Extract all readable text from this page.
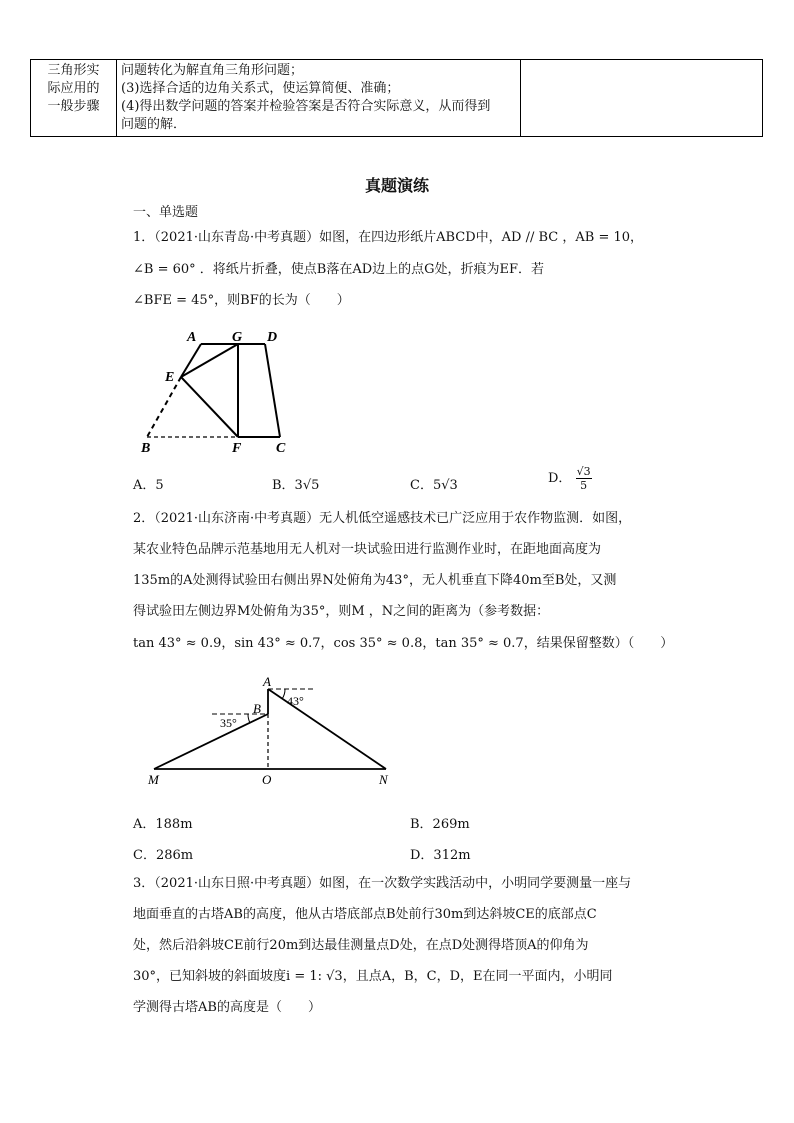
三角形实
际应用的
一般步骤

问题转化为解直角三角形问题；
(3)选择合适的边角关系式，使运算简便、准确；
(4)得出数学问题的答案并检验答案是否符合实际意义，从而得到
问题的解．

真题演练
一、单选题
1．（2021·山东青岛·中考真题）如图，在四边形纸片ABCD中，AD // BC ，AB = 10，
∠B = 60° ．将纸片折叠，使点B落在AD边上的点G处，折痕为EF．若
∠BFE = 45°，则BF的长为（　　）
A	G D
E
B	F C
A．5	B．3√5	C．5√3	D． $\frac{√3}{5}$
2．（2021·山东济南·中考真题）无人机低空遥感技术已广泛应用于农作物监测．如图，
某农业特色品牌示范基地用无人机对一块试验田进行监测作业时，在距地面高度为
135m的A处测得试验田右侧出界N处俯角为43°，无人机垂直下降40m至B处，又测
得试验田左侧边界M处俯角为35°，则M ，N之间的距离为（参考数据：
tan 43° ≈ 0.9，sin 43° ≈ 0.7，cos 35° ≈ 0.8，tan 35° ≈ 0.7，结果保留整数）（　　）
A
B 43°
35°
M	O	N
A．188m	B．269m
C．286m	D．312m
3．（2021·山东日照·中考真题）如图，在一次数学实践活动中，小明同学要测量一座与
地面垂直的古塔AB的高度，他从古塔底部点B处前行30m到达斜坡CE的底部点C
处，然后沿斜坡CE前行20m到达最佳测量点D处，在点D处测得塔顶A的仰角为
30°，已知斜坡的斜面坡度i = 1: √3，且点A，B，C，D，E在同一平面内，小明同
学测得古塔AB的高度是（　　）
